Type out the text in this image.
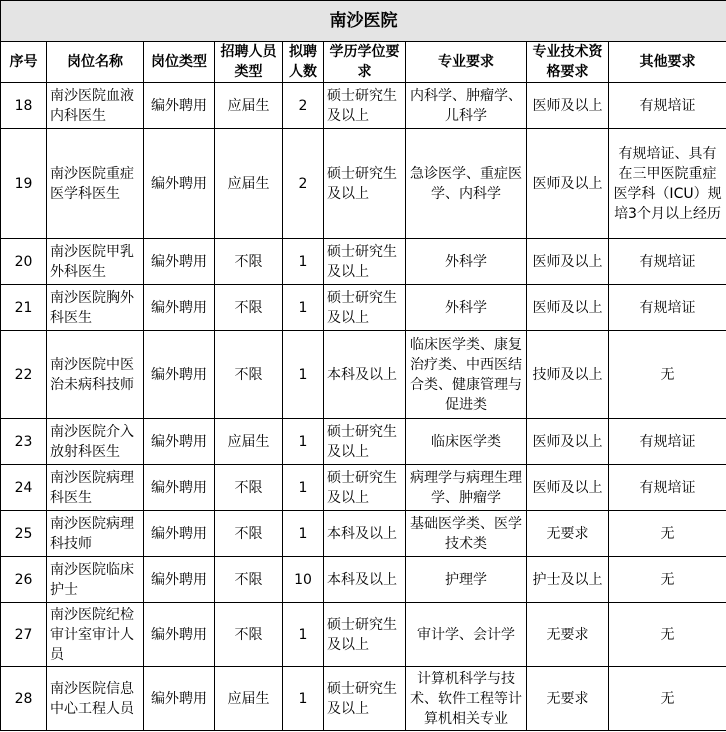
南沙医院								
序号	岗位名称	岗位类型	招聘人员类型	拟聘人数	学历学位要求	专业要求	专业技术资格要求	其他要求
18	南沙医院血液内科医生	编外聘用	应届生	2	硕士研究生及以上	内科学、肿瘤学、儿科学	医师及以上	有规培证
19	南沙医院重症医学科医生	编外聘用	应届生	2	硕士研究生及以上	急诊医学、重症医学、内科学	医师及以上	有规培证、具有在三甲医院重症医学科（ICU）规培3个月以上经历
20	南沙医院甲乳外科医生	编外聘用	不限	1	硕士研究生及以上	外科学	医师及以上	有规培证
21	南沙医院胸外科医生	编外聘用	不限	1	硕士研究生及以上	外科学	医师及以上	有规培证
22	南沙医院中医治未病科技师	编外聘用	不限	1	本科及以上	临床医学类、康复治疗类、中西医结合类、健康管理与促进类	技师及以上	无
23	南沙医院介入放射科医生	编外聘用	应届生	1	硕士研究生及以上	临床医学类	医师及以上	有规培证
24	南沙医院病理科医生	编外聘用	不限	1	硕士研究生及以上	病理学与病理生理学、肿瘤学	医师及以上	有规培证
25	南沙医院病理科技师	编外聘用	不限	1	本科及以上	基础医学类、医学技术类	无要求	无
26	南沙医院临床护士	编外聘用	不限	10	本科及以上	护理学	护士及以上	无
27	南沙医院纪检审计室审计人员	编外聘用	不限	1	硕士研究生及以上	审计学、会计学	无要求	无
28	南沙医院信息中心工程人员	编外聘用	应届生	1	硕士研究生及以上	计算机科学与技术、软件工程等计算机相关专业	无要求	无
